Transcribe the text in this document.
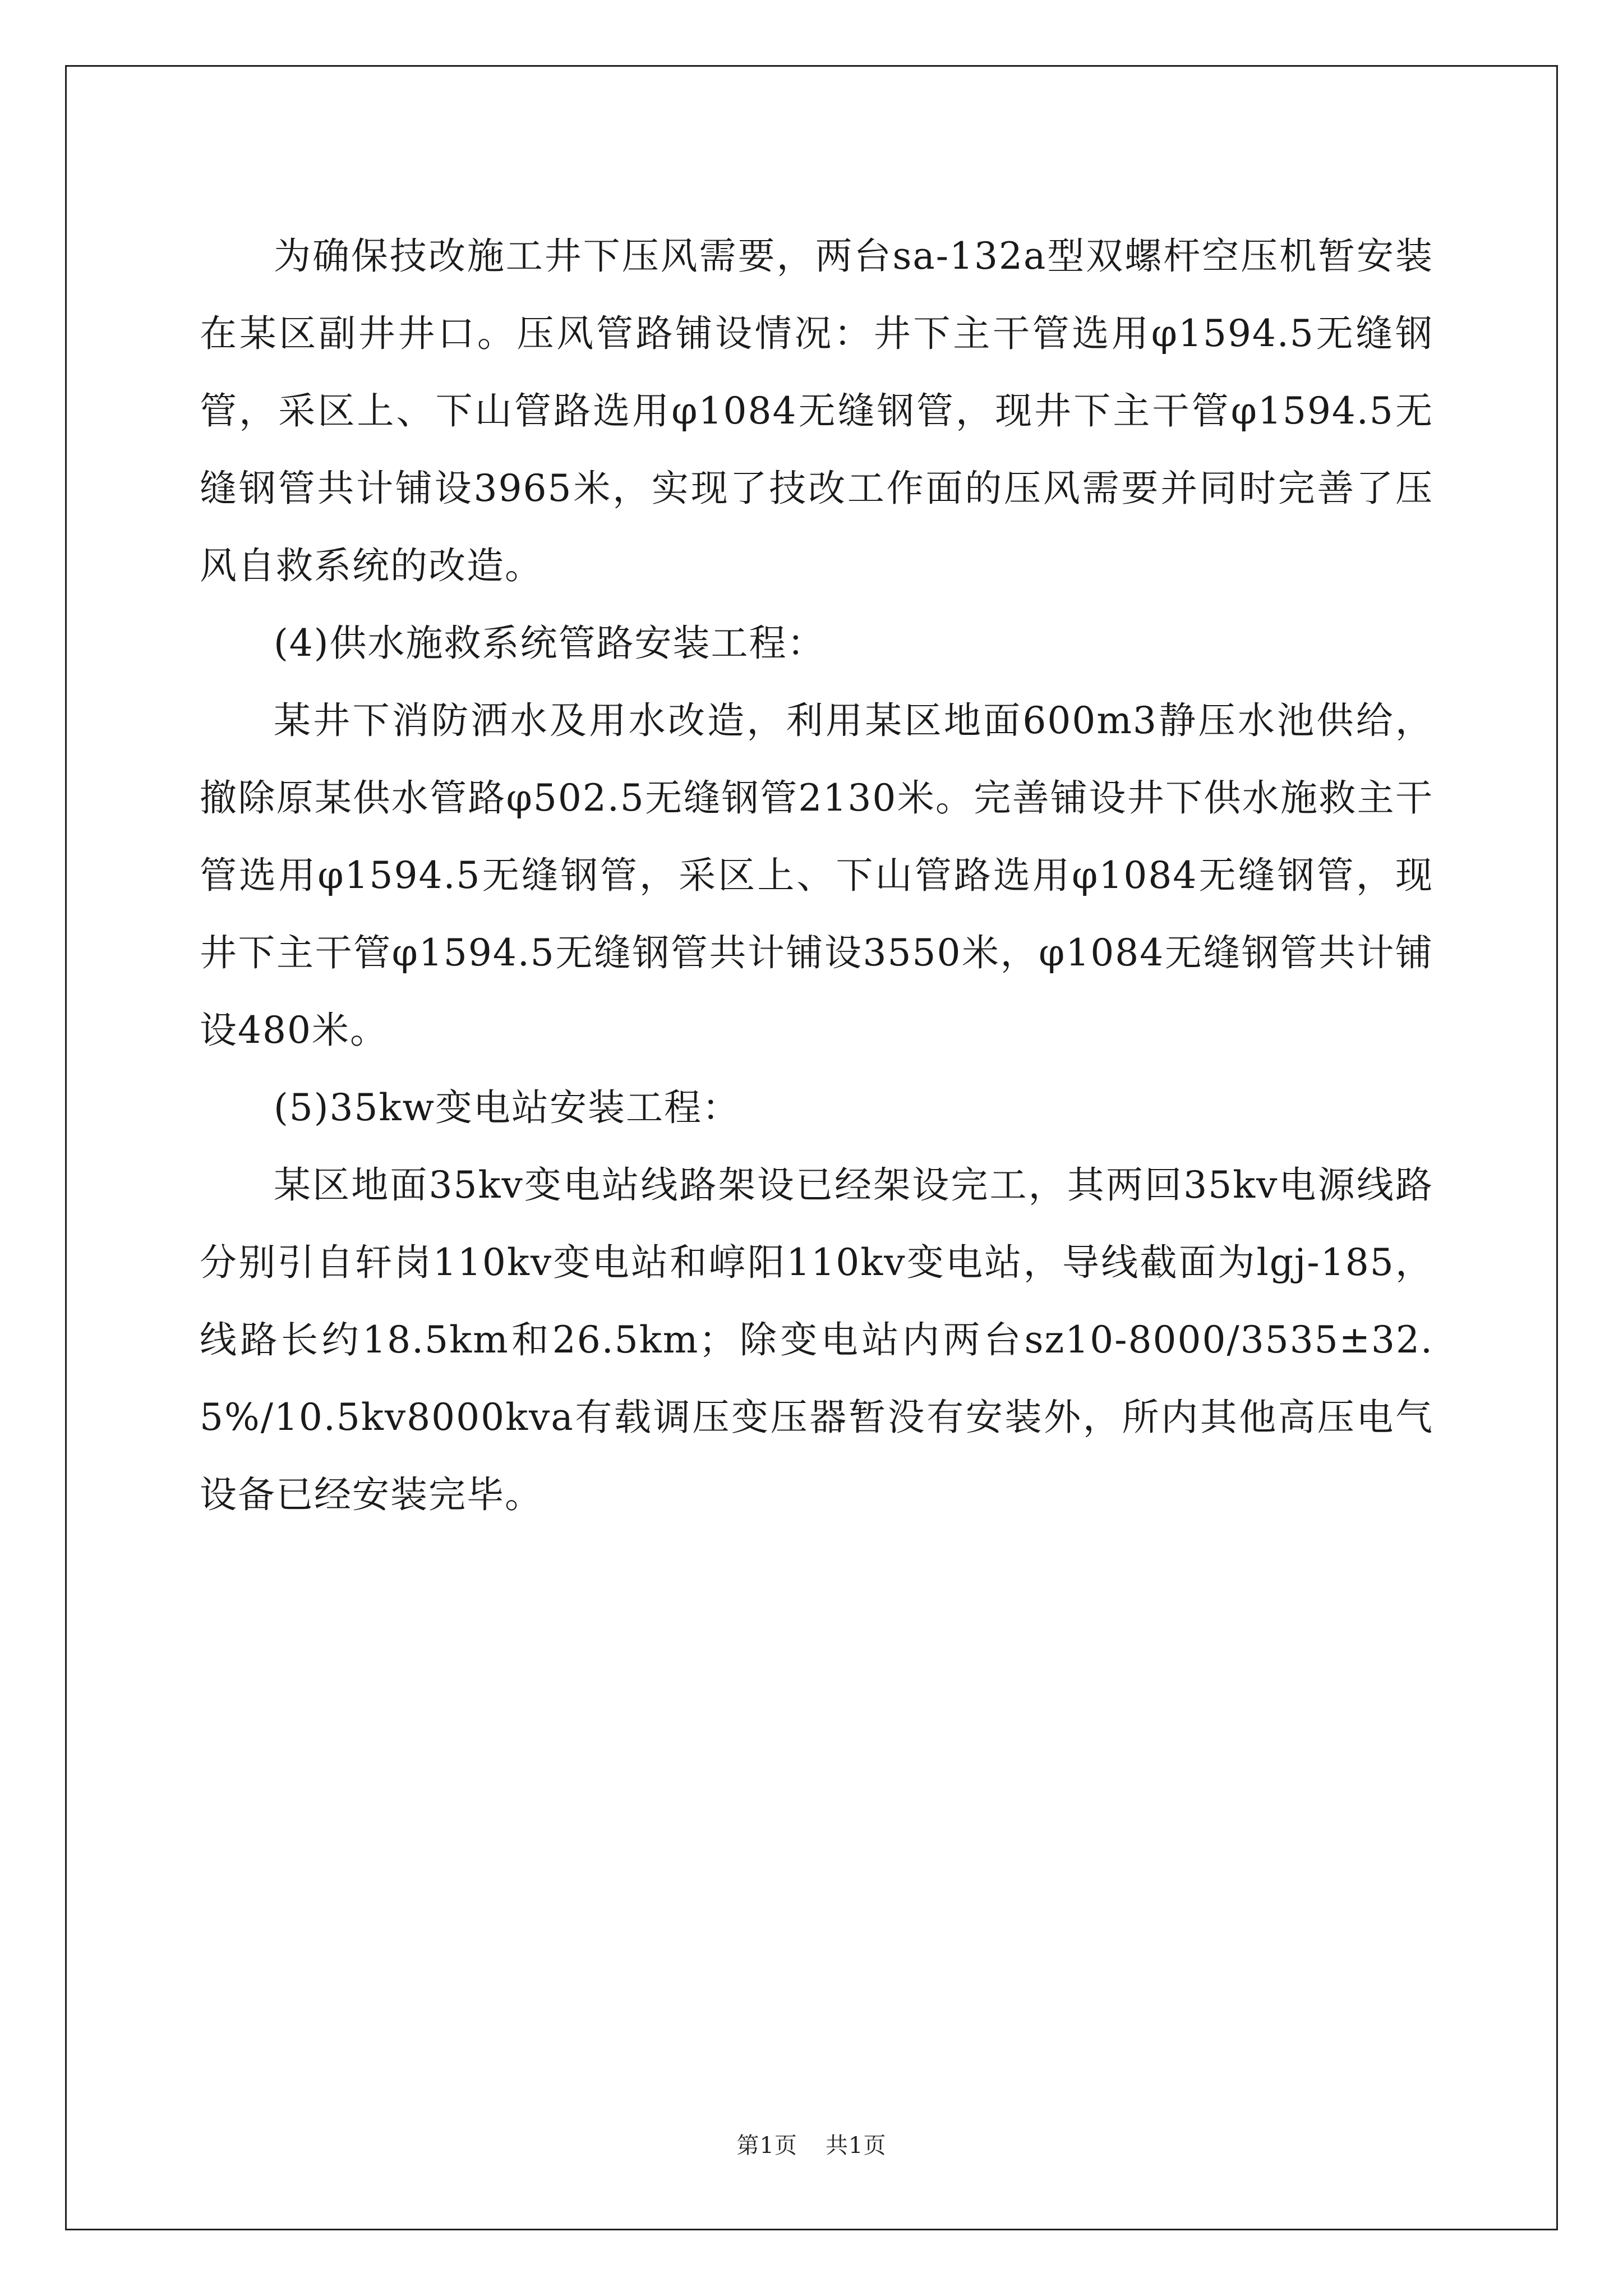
为确保技改施工井下压风需要，两台sa-132a型双螺杆空压机暂安装在某区副井井口。压风管路铺设情况：井下主干管选用φ1594.5无缝钢管，采区上、下山管路选用φ1084无缝钢管，现井下主干管φ1594.5无缝钢管共计铺设3965米，实现了技改工作面的压风需要并同时完善了压风自救系统的改造。

(4)供水施救系统管路安装工程：

某井下消防洒水及用水改造，利用某区地面600m3静压水池供给，撤除原某供水管路φ502.5无缝钢管2130米。完善铺设井下供水施救主干管选用φ1594.5无缝钢管，采区上、下山管路选用φ1084无缝钢管，现井下主干管φ1594.5无缝钢管共计铺设3550米，φ1084无缝钢管共计铺设480米。

(5)35kw变电站安装工程：

某区地面35kv变电站线路架设已经架设完工，其两回35kv电源线路分别引自轩岗110kv变电站和崞阳110kv变电站，导线截面为lgj-185，线路长约18.5km和26.5km；除变电站内两台sz10-8000/3535±32.5%/10.5kv8000kva有载调压变压器暂没有安装外，所内其他高压电气设备已经安装完毕。

第1页 共1页
